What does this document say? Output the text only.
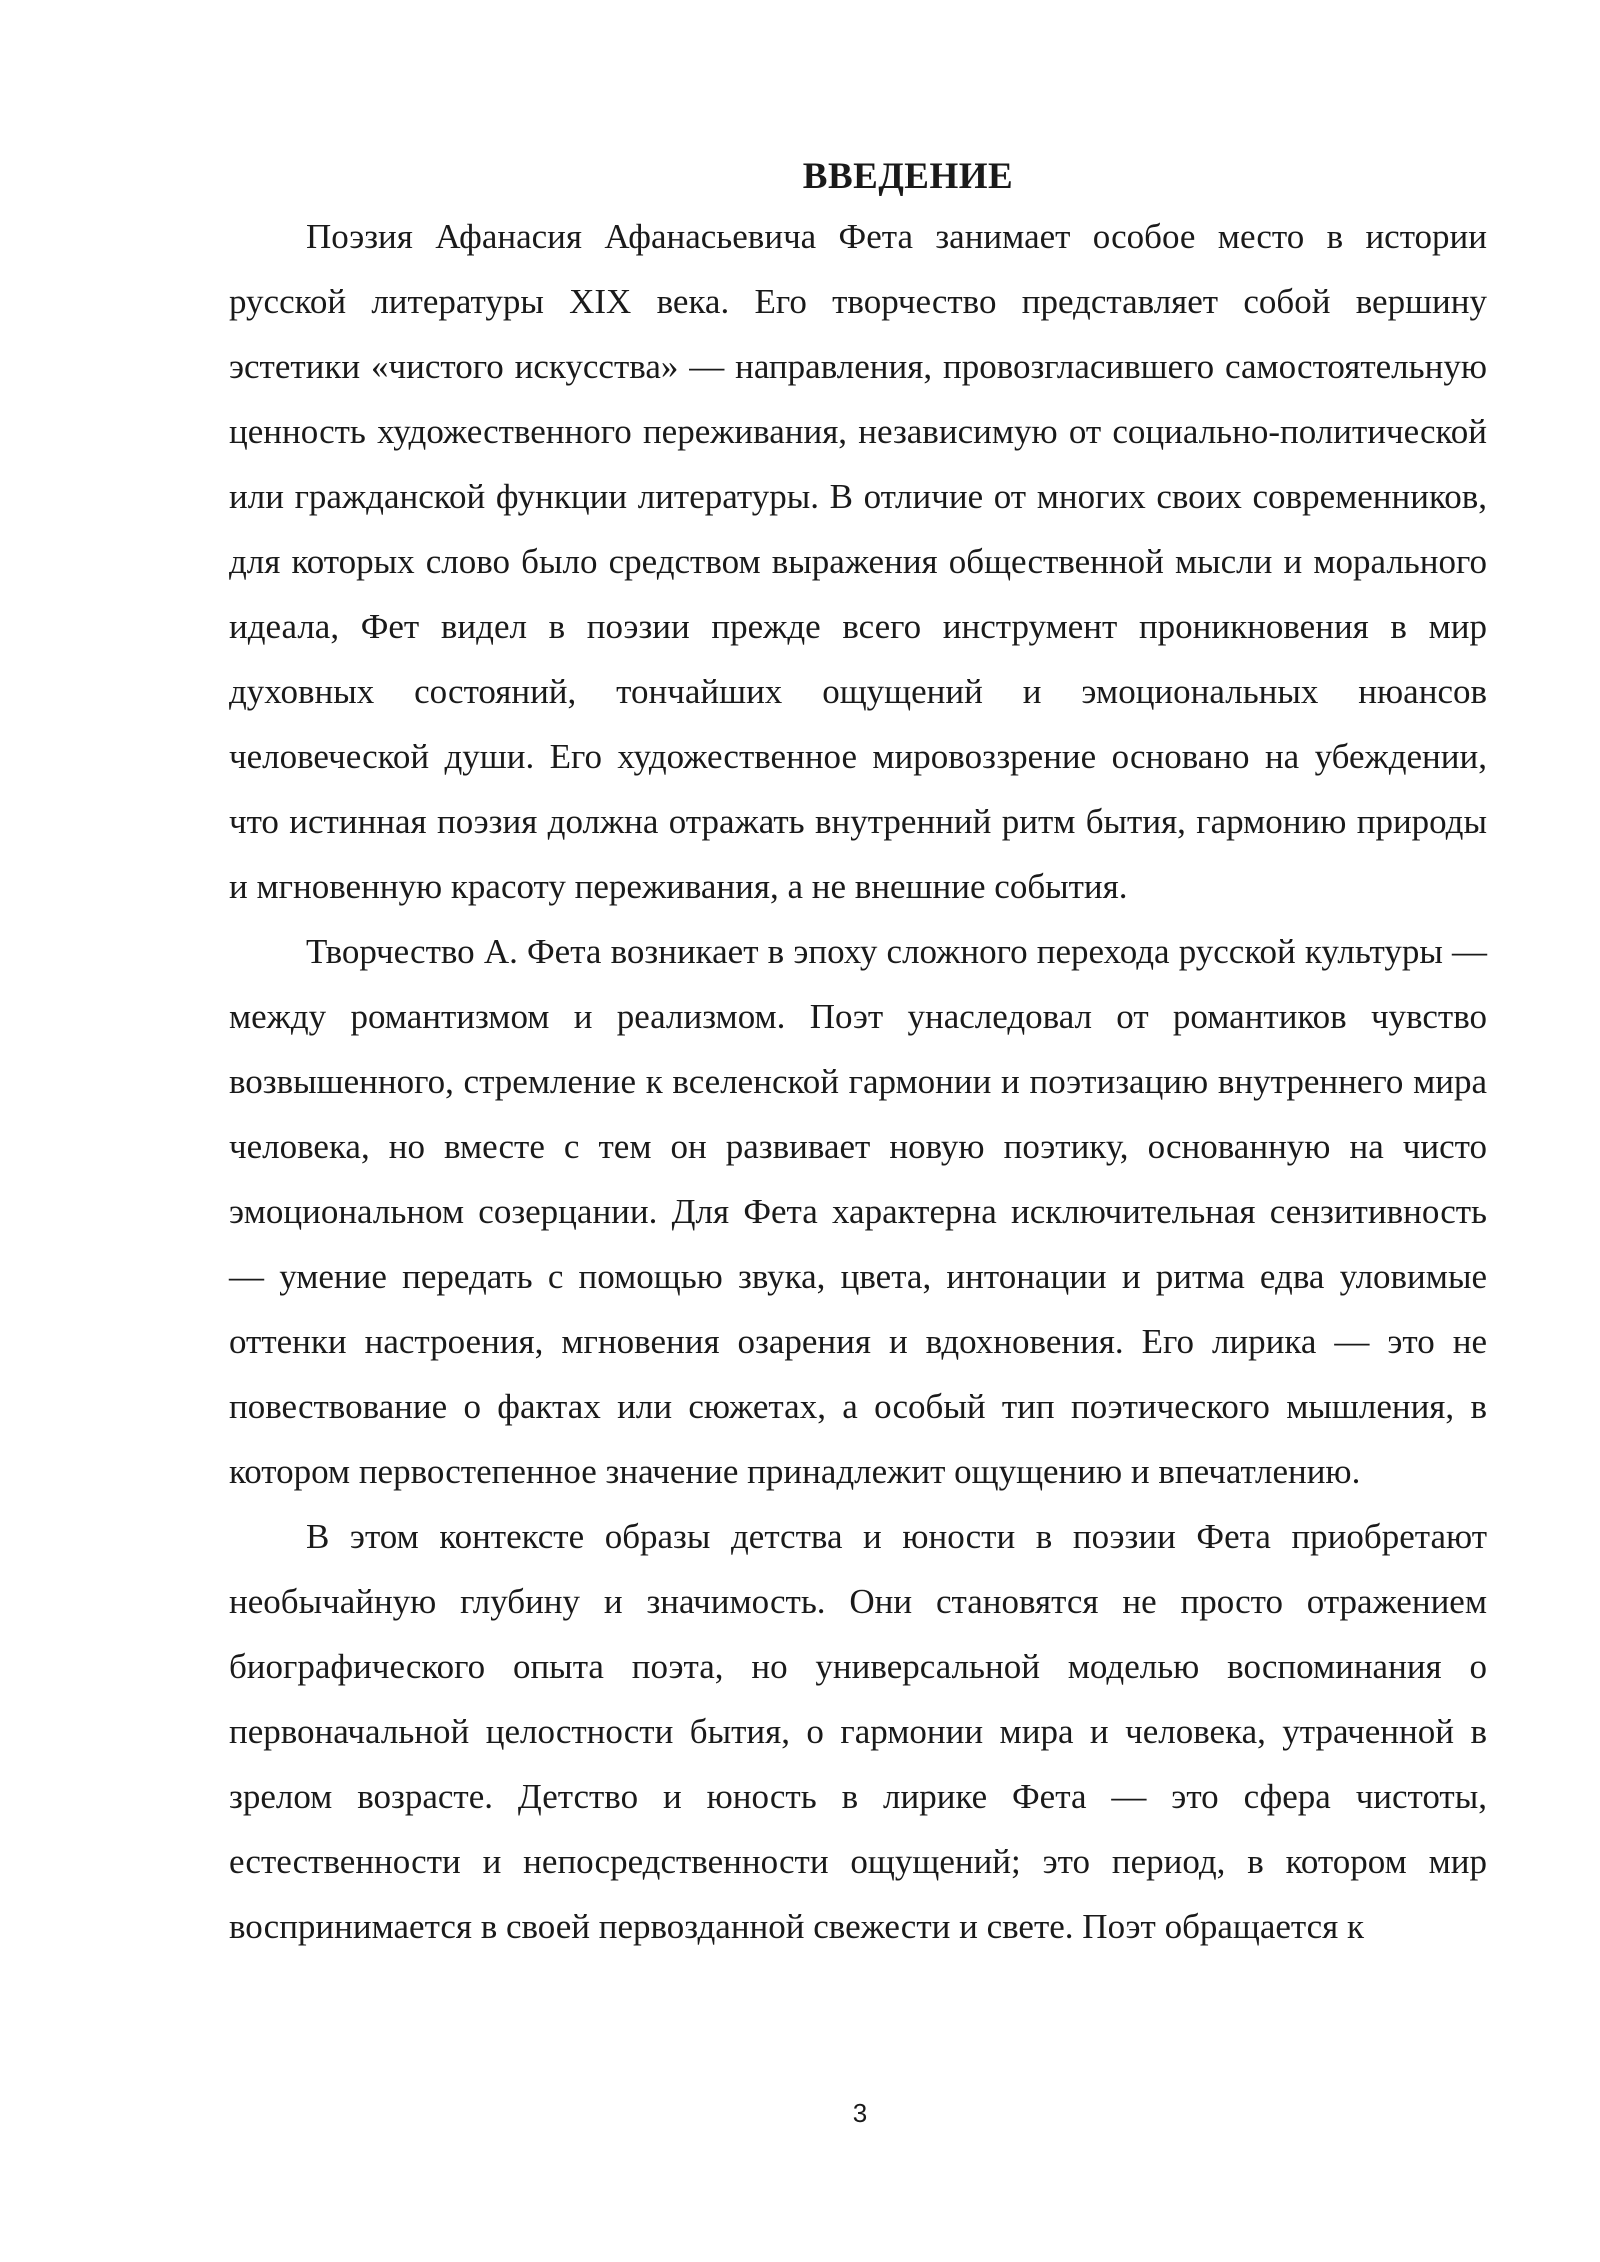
ВВЕДЕНИЕ

Поэзия Афанасия Афанасьевича Фета занимает особое место в истории русской литературы XIX века. Его творчество представляет собой вершину эстетики «чистого искусства» — направления, провозгласившего самостоятельную ценность художественного переживания, независимую от социально-политической или гражданской функции литературы. В отличие от многих своих современников, для которых слово было средством выражения общественной мысли и морального идеала, Фет видел в поэзии прежде всего инструмент проникновения в мир духовных состояний, тончайших ощущений и эмоциональных нюансов человеческой души. Его художественное мировоззрение основано на убеждении, что истинная поэзия должна отражать внутренний ритм бытия, гармонию природы и мгновенную красоту переживания, а не внешние события.

Творчество А. Фета возникает в эпоху сложного перехода русской культуры — между романтизмом и реализмом. Поэт унаследовал от романтиков чувство возвышенного, стремление к вселенской гармонии и поэтизацию внутреннего мира человека, но вместе с тем он развивает новую поэтику, основанную на чисто эмоциональном созерцании. Для Фета характерна исключительная сензитивность — умение передать с помощью звука, цвета, интонации и ритма едва уловимые оттенки настроения, мгновения озарения и вдохновения. Его лирика — это не повествование о фактах или сюжетах, а особый тип поэтического мышления, в котором первостепенное значение принадлежит ощущению и впечатлению.

В этом контексте образы детства и юности в поэзии Фета приобретают необычайную глубину и значимость. Они становятся не просто отражением биографического опыта поэта, но универсальной моделью воспоминания о первоначальной целостности бытия, о гармонии мира и человека, утраченной в зрелом возрасте. Детство и юность в лирике Фета — это сфера чистоты, естественности и непосредственности ощущений; это период, в котором мир воспринимается в своей первозданной свежести и свете. Поэт обращается к

3
